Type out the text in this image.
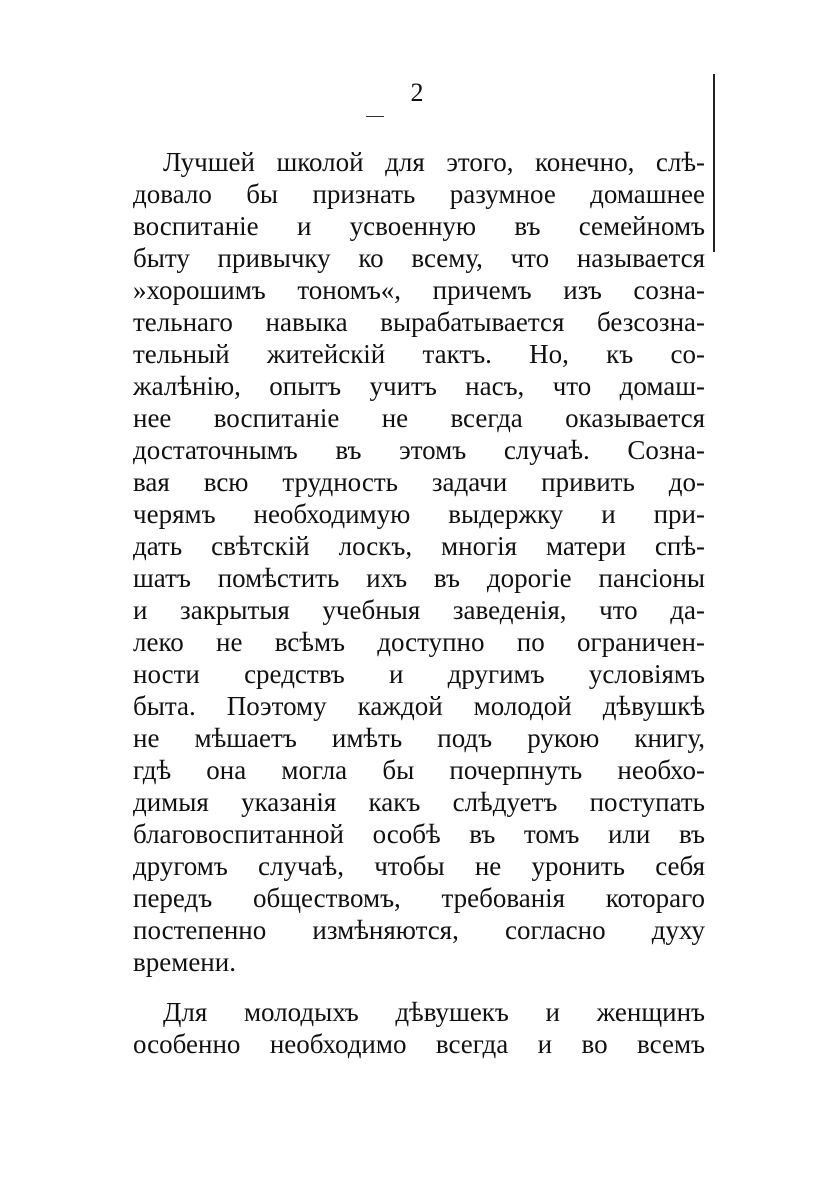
2
Лучшей школой для этого, конечно, слѣ-
довало бы признать разумное домашнее
воспитаніе и усвоенную въ семейномъ
быту привычку ко всему, что называется
»хорошимъ тономъ«, причемъ изъ созна-
тельнаго навыка вырабатывается безсозна-
тельный житейскій тактъ. Но, къ со-
жалѣнію, опытъ учитъ насъ, что домаш-
нее воспитаніе не всегда оказывается
достаточнымъ въ этомъ случаѣ. Созна-
вая всю трудность задачи привить до-
черямъ необходимую выдержку и при-
дать свѣтскій лоскъ, многія матери спѣ-
шатъ помѣстить ихъ въ дорогіе пансіоны
и закрытыя учебныя заведенія, что да-
леко не всѣмъ доступно по ограничен-
ности средствъ и другимъ условіямъ
быта. Поэтому каждой молодой дѣвушкѣ
не мѣшаетъ имѣть подъ рукою книгу,
гдѣ она могла бы почерпнуть необхо-
димыя указанія какъ слѣдуетъ поступать
благовоспитанной особѣ въ томъ или въ
другомъ случаѣ, чтобы не уронить себя
передъ обществомъ, требованія котораго
постепенно измѣняются, согласно духу
времени.
Для молодыхъ дѣвушекъ и женщинъ
особенно необходимо всегда и во всемъ
